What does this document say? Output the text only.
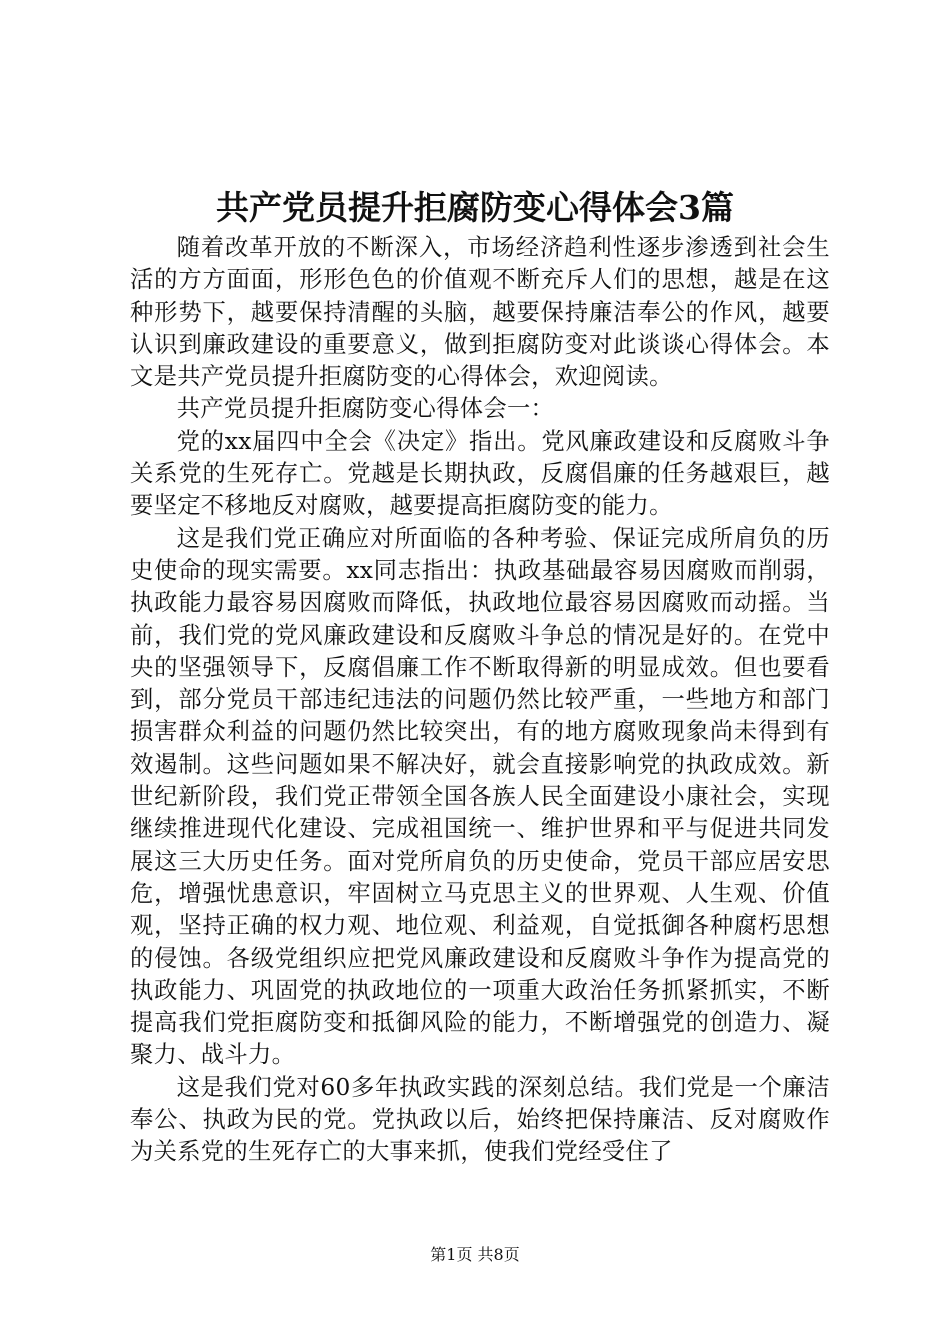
共产党员提升拒腐防变心得体会3篇

随着改革开放的不断深入，市场经济趋利性逐步渗透到社会生活的方方面面，形形色色的价值观不断充斥人们的思想，越是在这种形势下，越要保持清醒的头脑，越要保持廉洁奉公的作风，越要认识到廉政建设的重要意义，做到拒腐防变对此谈谈心得体会。本文是共产党员提升拒腐防变的心得体会，欢迎阅读。

共产党员提升拒腐防变心得体会一：

党的xx届四中全会《决定》指出。党风廉政建设和反腐败斗争关系党的生死存亡。党越是长期执政，反腐倡廉的任务越艰巨，越要坚定不移地反对腐败，越要提高拒腐防变的能力。

这是我们党正确应对所面临的各种考验、保证完成所肩负的历史使命的现实需要。xx同志指出：执政基础最容易因腐败而削弱，执政能力最容易因腐败而降低，执政地位最容易因腐败而动摇。当前，我们党的党风廉政建设和反腐败斗争总的情况是好的。在党中央的坚强领导下，反腐倡廉工作不断取得新的明显成效。但也要看到，部分党员干部违纪违法的问题仍然比较严重，一些地方和部门损害群众利益的问题仍然比较突出，有的地方腐败现象尚未得到有效遏制。这些问题如果不解决好，就会直接影响党的执政成效。新世纪新阶段，我们党正带领全国各族人民全面建设小康社会，实现继续推进现代化建设、完成祖国统一、维护世界和平与促进共同发展这三大历史任务。面对党所肩负的历史使命，党员干部应居安思危，增强忧患意识，牢固树立马克思主义的世界观、人生观、价值观，坚持正确的权力观、地位观、利益观，自觉抵御各种腐朽思想的侵蚀。各级党组织应把党风廉政建设和反腐败斗争作为提高党的执政能力、巩固党的执政地位的一项重大政治任务抓紧抓实，不断提高我们党拒腐防变和抵御风险的能力，不断增强党的创造力、凝聚力、战斗力。

这是我们党对60多年执政实践的深刻总结。我们党是一个廉洁奉公、执政为民的党。党执政以后，始终把保持廉洁、反对腐败作为关系党的生死存亡的大事来抓，使我们党经受住了

第1页 共8页
